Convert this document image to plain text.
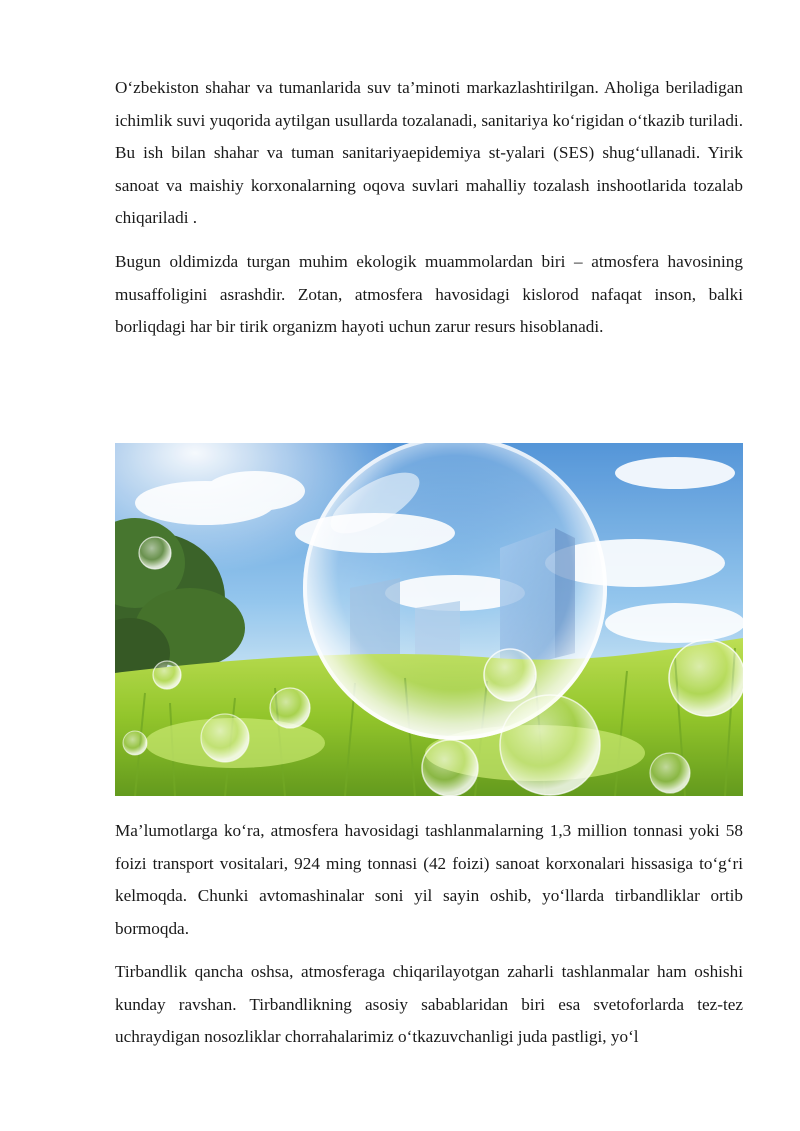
O‘zbekiston shahar va tumanlarida suv ta’minoti markazlashtirilgan. Aholiga beriladigan ichimlik suvi yuqorida aytilgan usullarda tozalanadi, sanitariya ko‘rigidan o‘tkazib turiladi. Bu ish bilan shahar va tuman sanitariyaepidemiya st-yalari (SES) shug‘ullanadi. Yirik sanoat va maishiy korxonalarning oqova suvlari mahalliy tozalash inshootlarida tozalab chiqariladi .

Bugun oldimizda turgan muhim ekologik muammolardan biri – atmosfera havosining musaffoligini asrashdir. Zotan, atmosfera havosidagi kislorod nafaqat inson, balki borliqdagi har bir tirik organizm hayoti uchun zarur resurs hisoblanadi.

Ma’lumotlarga ko‘ra, atmosfera havosidagi tashlanmalarning 1,3 million tonnasi yoki 58 foizi transport vositalari, 924 ming tonnasi (42 foizi) sanoat korxonalari hissasiga to‘g‘ri kelmoqda. Chunki avtomashinalar soni yil sayin oshib, yo‘llarda tirbandliklar ortib bormoqda.

Tirbandlik qancha oshsa, atmosferaga chiqarilayotgan zaharli tashlanmalar ham oshishi kunday ravshan. Tirbandlikning asosiy sabablaridan biri esa svetoforlarda tez-tez uchraydigan nosozliklar chorrahalarimiz o‘tkazuvchanligi juda pastligi, yo‘l
